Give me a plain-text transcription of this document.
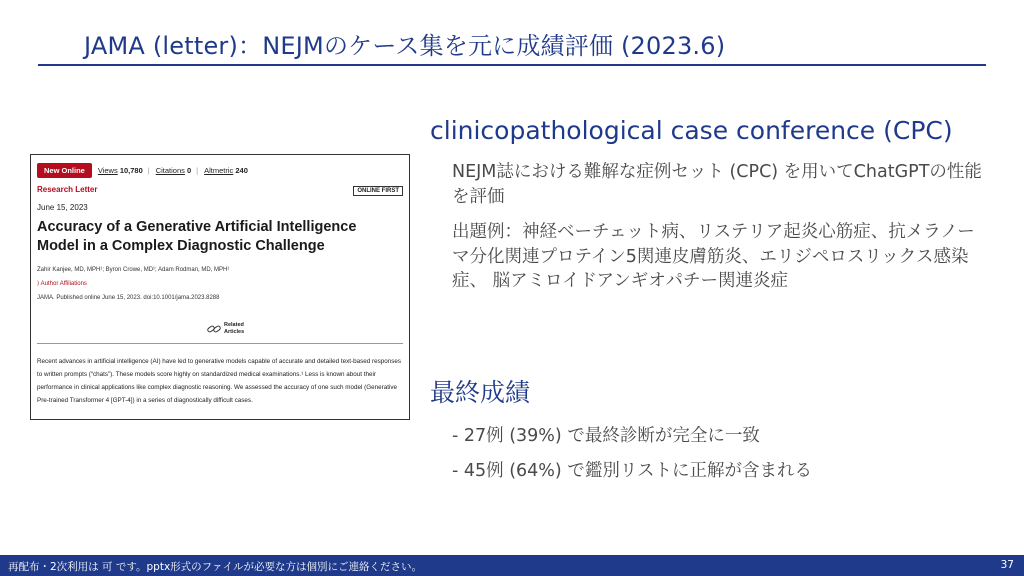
JAMA (letter)：NEJMのケース集を元に成績評価 (2023.6)
New Online	Views 10,780 | Citations 0 | Altmetric 240
Research Letter	ONLINE FIRST
June 15, 2023
Accuracy of a Generative Artificial Intelligence Model in a Complex Diagnostic Challenge
Zahir Kanjee, MD, MPH¹; Byron Crowe, MD¹; Adam Rodman, MD, MPH¹
⟩ Author Affiliations
JAMA. Published online June 15, 2023. doi:10.1001/jama.2023.8288
Related
Articles
Recent advances in artificial intelligence (AI) have led to generative models capable of accurate and detailed text-based responses to written prompts (“chats”). These models score highly on standardized medical examinations.¹ Less is known about their performance in clinical applications like complex diagnostic reasoning. We assessed the accuracy of one such model (Generative Pre-trained Transformer 4 [GPT-4]) in a series of diagnostically difficult cases.
clinicopathological case conference (CPC)
NEJM誌における難解な症例セット (CPC) を用いてChatGPTの性能を評価
出題例：神経ベーチェット病、リステリア起炎心筋症、抗メラノーマ分化関連プロテイン5関連皮膚筋炎、エリジペロスリックス感染症、 脳アミロイドアンギオパチー関連炎症
最終成績
- 27例 (39%) で最終診断が完全に一致
- 45例 (64%) で鑑別リストに正解が含まれる
再配布・2次利用は 可 です。pptx形式のファイルが必要な方は個別にご連絡ください。	37
